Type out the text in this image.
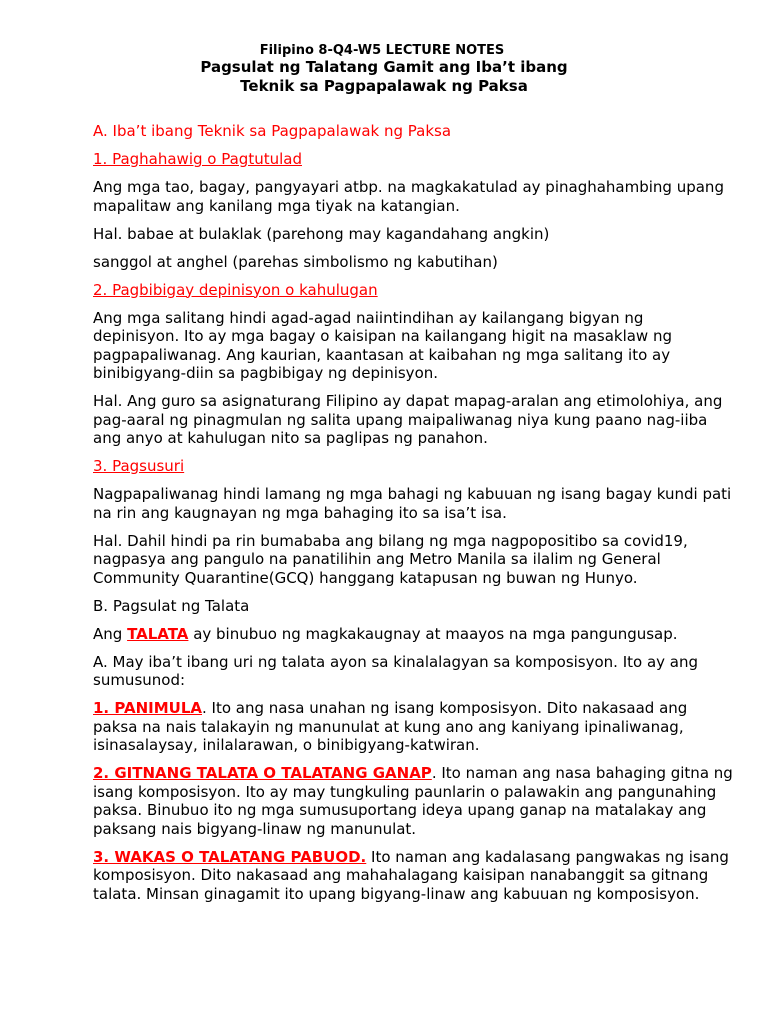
Filipino 8-Q4-W5 LECTURE NOTES
Pagsulat ng Talatang Gamit ang Iba’t ibang
Teknik sa Pagpapalawak ng Paksa

A. Iba’t ibang Teknik sa Pagpapalawak ng Paksa

1. Paghahawig o Pagtutulad

Ang mga tao, bagay, pangyayari atbp. na magkakatulad ay pinaghahambing upang mapalitaw ang kanilang mga tiyak na katangian.

Hal. babae at bulaklak (parehong may kagandahang angkin)

sanggol at anghel (parehas simbolismo ng kabutihan)

2. Pagbibigay depinisyon o kahulugan

Ang mga salitang hindi agad-agad naiintindihan ay kailangang bigyan ng depinisyon. Ito ay mga bagay o kaisipan na kailangang higit na masaklaw ng pagpapaliwanag. Ang kaurian, kaantasan at kaibahan ng mga salitang ito ay binibigyang-diin sa pagbibigay ng depinisyon.

Hal. Ang guro sa asignaturang Filipino ay dapat mapag-aralan ang etimolohiya, ang pag-aaral ng pinagmulan ng salita upang maipaliwanag niya kung paano nag-iiba ang anyo at kahulugan nito sa paglipas ng panahon.

3. Pagsusuri

Nagpapaliwanag hindi lamang ng mga bahagi ng kabuuan ng isang bagay kundi pati na rin ang kaugnayan ng mga bahaging ito sa isa’t isa.

Hal. Dahil hindi pa rin bumababa ang bilang ng mga nagpopositibo sa covid19, nagpasya ang pangulo na panatilihin ang Metro Manila sa ilalim ng General Community Quarantine(GCQ) hanggang katapusan ng buwan ng Hunyo.

B. Pagsulat ng Talata

Ang TALATA ay binubuo ng magkakaugnay at maayos na mga pangungusap.

A. May iba’t ibang uri ng talata ayon sa kinalalagyan sa komposisyon. Ito ay ang sumusunod:

1. PANIMULA. Ito ang nasa unahan ng isang komposisyon. Dito nakasaad ang paksa na nais talakayin ng manunulat at kung ano ang kaniyang ipinaliwanag, isinasalaysay, inilalarawan, o binibigyang-katwiran.

2. GITNANG TALATA O TALATANG GANAP. Ito naman ang nasa bahaging gitna ng isang komposisyon. Ito ay may tungkuling paunlarin o palawakin ang pangunahing paksa. Binubuo ito ng mga sumusuportang ideya upang ganap na matalakay ang paksang nais bigyang-linaw ng manunulat.

3. WAKAS O TALATANG PABUOD. Ito naman ang kadalasang pangwakas ng isang komposisyon. Dito nakasaad ang mahahalagang kaisipan nanabanggit sa gitnang talata. Minsan ginagamit ito upang bigyang-linaw ang kabuuan ng komposisyon.
